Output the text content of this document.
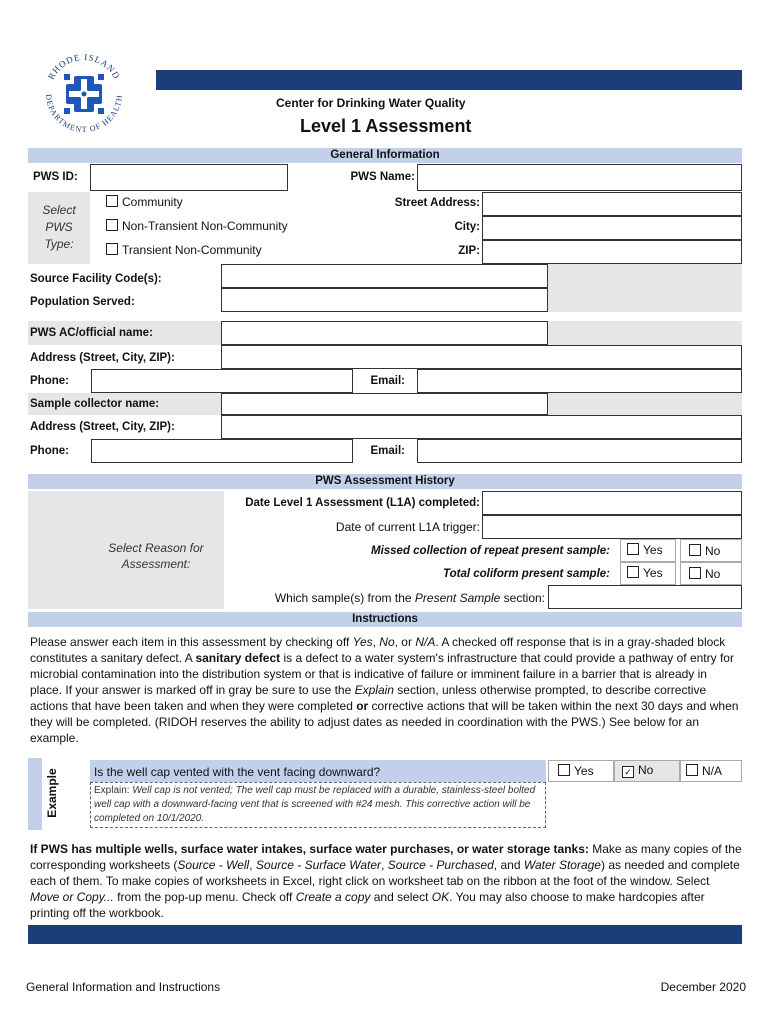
RHODE ISLAND
DEPARTMENT OF HEALTH	Center for Drinking Water Quality
Level 1 Assessment
General Information
PWS ID:	PWS Name:
Select PWS Type:
Community
Non-Transient Non-Community
Transient Non-Community
Street Address:
City:
ZIP:
Source Facility Code(s):
Population Served:
PWS AC/official name:
Address (Street, City, ZIP):
Phone:	Email:
Sample collector name:
Address (Street, City, ZIP):
Phone:	Email:
PWS Assessment History
Date Level 1 Assessment (L1A) completed:
Date of current L1A trigger:
Select Reason for Assessment:
Missed collection of repeat present sample:	Yes	No
Total coliform present sample:	Yes	No
Which sample(s) from the Present Sample section:
Instructions
Please answer each item in this assessment by checking off Yes, No, or N/A. A checked off response that is in a gray-shaded block constitutes a sanitary defect. A sanitary defect is a defect to a water system's infrastructure that could provide a pathway of entry for microbial contamination into the distribution system or that is indicative of failure or imminent failure in a barrier that is already in place. If your answer is marked off in gray be sure to use the Explain section, unless otherwise prompted, to describe corrective actions that have been taken and when they were completed or corrective actions that will be taken within the next 30 days and when they will be completed. (RIDOH reserves the ability to adjust dates as needed in coordination with the PWS.) See below for an example.
Example	Is the well cap vented with the vent facing downward?	Yes	✓ No	N/A
Explain: Well cap is not vented; The well cap must be replaced with a durable, stainless-steel bolted well cap with a downward-facing vent that is screened with #24 mesh. This corrective action will be completed on 10/1/2020.
If PWS has multiple wells, surface water intakes, surface water purchases, or water storage tanks: Make as many copies of the corresponding worksheets (Source - Well, Source - Surface Water, Source - Purchased, and Water Storage) as needed and complete each of them. To make copies of worksheets in Excel, right click on worksheet tab on the ribbon at the foot of the window. Select Move or Copy... from the pop-up menu. Check off Create a copy and select OK. You may also choose to make hardcopies after printing off the workbook.
General Information and Instructions	December 2020
